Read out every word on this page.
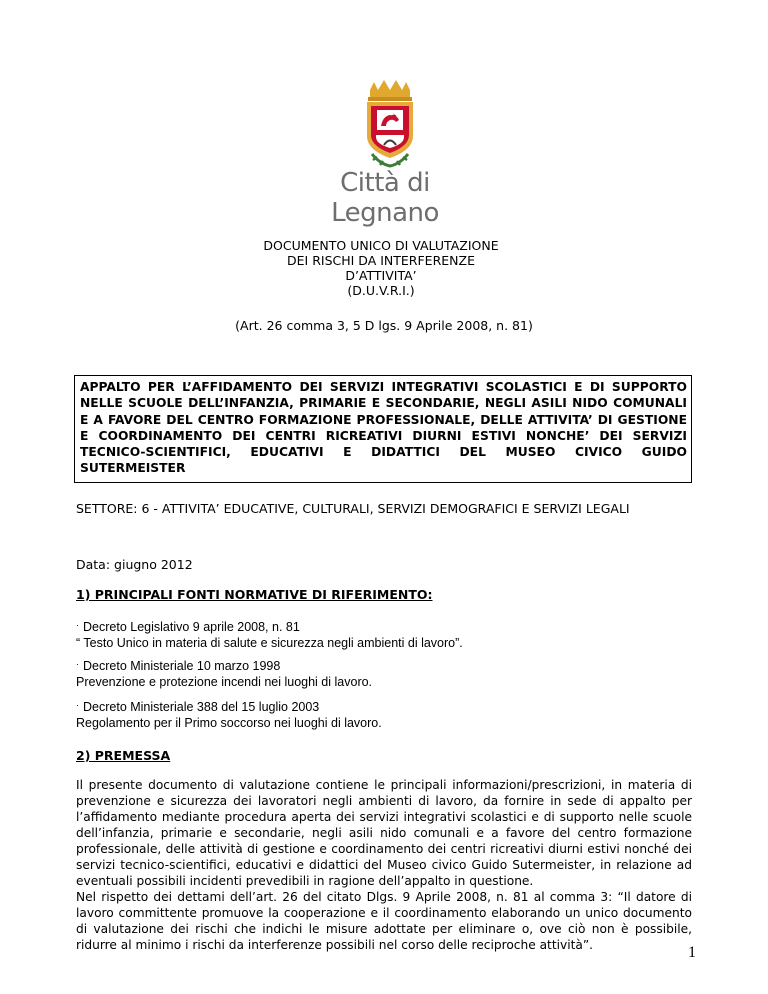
Città di Legnano
DOCUMENTO UNICO DI VALUTAZIONE
DEI RISCHI DA INTERFERENZE
D’ATTIVITA’
(D.U.V.R.I.)
(Art. 26 comma 3, 5 D lgs. 9 Aprile 2008, n. 81)
APPALTO PER L’AFFIDAMENTO DEI SERVIZI INTEGRATIVI SCOLASTICI E DI SUPPORTO NELLE SCUOLE DELL’INFANZIA, PRIMARIE E SECONDARIE, NEGLI ASILI NIDO COMUNALI E A FAVORE DEL CENTRO FORMAZIONE PROFESSIONALE, DELLE ATTIVITA’ DI GESTIONE E COORDINAMENTO DEI CENTRI RICREATIVI DIURNI ESTIVI NONCHE’ DEI SERVIZI TECNICO-SCIENTIFICI, EDUCATIVI E DIDATTICI DEL MUSEO CIVICO GUIDO SUTERMEISTER
SETTORE: 6 - ATTIVITA’ EDUCATIVE, CULTURALI, SERVIZI DEMOGRAFICI E SERVIZI LEGALI
Data: giugno 2012
1) PRINCIPALI FONTI NORMATIVE DI RIFERIMENTO:
· Decreto Legislativo 9 aprile 2008, n. 81
“ Testo Unico in materia di salute e sicurezza negli ambienti di lavoro”.
· Decreto Ministeriale 10 marzo 1998
Prevenzione e protezione incendi nei luoghi di lavoro.
· Decreto Ministeriale 388 del 15 luglio 2003
Regolamento per il Primo soccorso nei luoghi di lavoro.
2) PREMESSA

Il presente documento di valutazione contiene le principali informazioni/prescrizioni, in materia di prevenzione e sicurezza dei lavoratori negli ambienti di lavoro, da fornire in sede di appalto per l’affidamento mediante procedura aperta dei servizi integrativi scolastici e di supporto nelle scuole dell’infanzia, primarie e secondarie, negli asili nido comunali e a favore del centro formazione professionale, delle attività di gestione e coordinamento dei centri ricreativi diurni estivi nonché dei servizi tecnico-scientifici, educativi e didattici del Museo civico Guido Sutermeister, in relazione ad eventuali possibili incidenti prevedibili in ragione dell’appalto in questione.

Nel rispetto dei dettami dell’art. 26 del citato Dlgs. 9 Aprile 2008, n. 81 al comma 3: “Il datore di lavoro committente promuove la cooperazione e il coordinamento elaborando un unico documento di valutazione dei rischi che indichi le misure adottate per eliminare o, ove ciò non è possibile, ridurre al minimo i rischi da interferenze possibili nel corso delle reciproche attività”.	1
